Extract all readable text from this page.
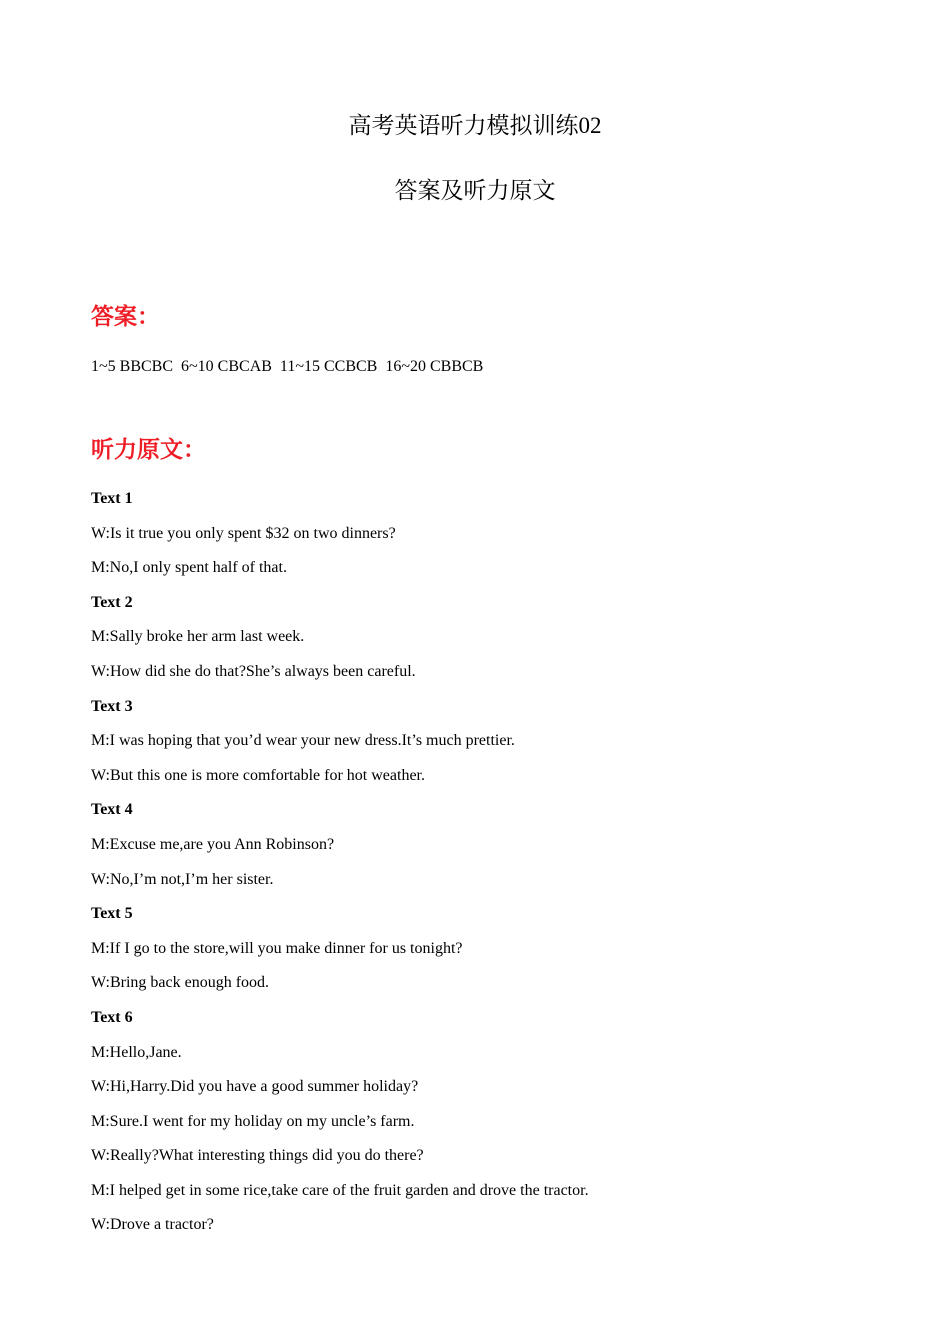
高考英语听力模拟训练02
答案及听力原文
答案：
1~5 BBCBC  6~10 CBCAB  11~15 CCBCB  16~20 CBBCB
听力原文：
Text 1
W:Is it true you only spent $32 on two dinners?
M:No,I only spent half of that.
Text 2
M:Sally broke her arm last week.
W:How did she do that?She’s always been careful.
Text 3
M:I was hoping that you’d wear your new dress.It’s much prettier.
W:But this one is more comfortable for hot weather.
Text 4
M:Excuse me,are you Ann Robinson?
W:No,I’m not,I’m her sister.
Text 5
M:If I go to the store,will you make dinner for us tonight?
W:Bring back enough food.
Text 6
M:Hello,Jane.
W:Hi,Harry.Did you have a good summer holiday?
M:Sure.I went for my holiday on my uncle’s farm.
W:Really?What interesting things did you do there?
M:I helped get in some rice,take care of the fruit garden and drove the tractor.
W:Drove a tractor?
